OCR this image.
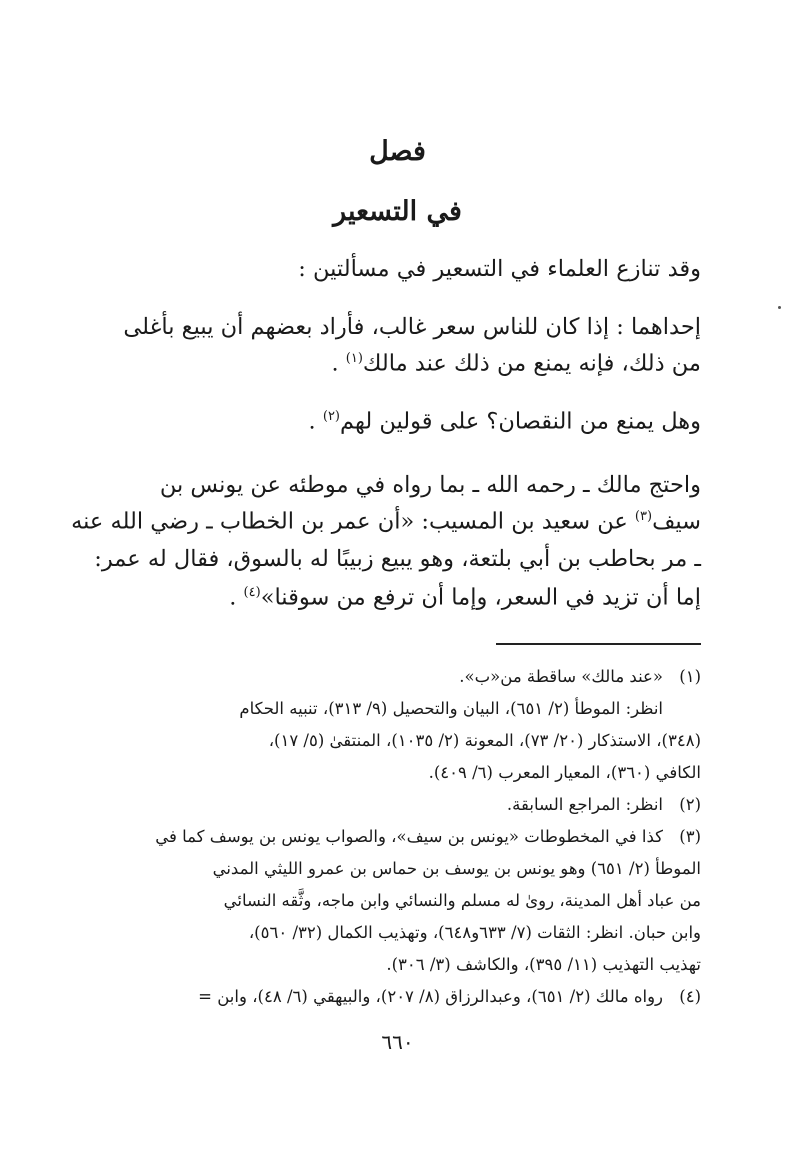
فصل
في التسعير

وقد تنازع العلماء في التسعير في مسألتين :

إحداهما : إذا كان للناس سعر غالب، فأراد بعضهم أن يبيع بأغلى

من ذلك، فإنه يمنع من ذلك عند مالك$^{(١)}$ .

وهل يمنع من النقصان؟ على قولين لهم$^{(٢)}$ .

واحتج مالك ـ رحمه الله ـ بما رواه في موطئه عن يونس بن

سيف$^{(٣)}$ عن سعيد بن المسيب: «أن عمر بن الخطاب ـ رضي الله عنه

ـ مر بحاطب بن أبي بلتعة، وهو يبيع زبيبًا له بالسوق، فقال له عمر:

إما أن تزيد في السعر، وإما أن ترفع من سوقنا»$^{(٤)}$ .

(١)
«عند مالك» ساقطة من«ب».
انظر: الموطأ (٢/ ٦٥١)، البيان والتحصيل (٩/ ٣١٣)، تنبيه الحكام
(٣٤٨)، الاستذكار (٢٠/ ٧٣)، المعونة (٢/ ١٠٣٥)، المنتقىٰ (٥/ ١٧)،
الكافي (٣٦٠)، المعيار المعرب (٦/ ٤٠٩).
(٢)
انظر: المراجع السابقة.
(٣)
كذا في المخطوطات «يونس بن سيف»، والصواب يونس بن يوسف كما في
الموطأ (٢/ ٦٥١) وهو يونس بن يوسف بن حماس بن عمرو الليثي المدني
من عباد أهل المدينة، روىٰ له مسلم والنسائي وابن ماجه، وثَّقه النسائي
وابن حبان. انظر: الثقات (٧/ ٦٣٣و٦٤٨)، وتهذيب الكمال (٣٢/ ٥٦٠)،
تهذيب التهذيب (١١/ ٣٩٥)، والكاشف (٣/ ٣٠٦).
(٤)
رواه مالك (٢/ ٦٥١)، وعبدالرزاق (٨/ ٢٠٧)، والبيهقي (٦/ ٤٨)، وابن =
٦٦٠
